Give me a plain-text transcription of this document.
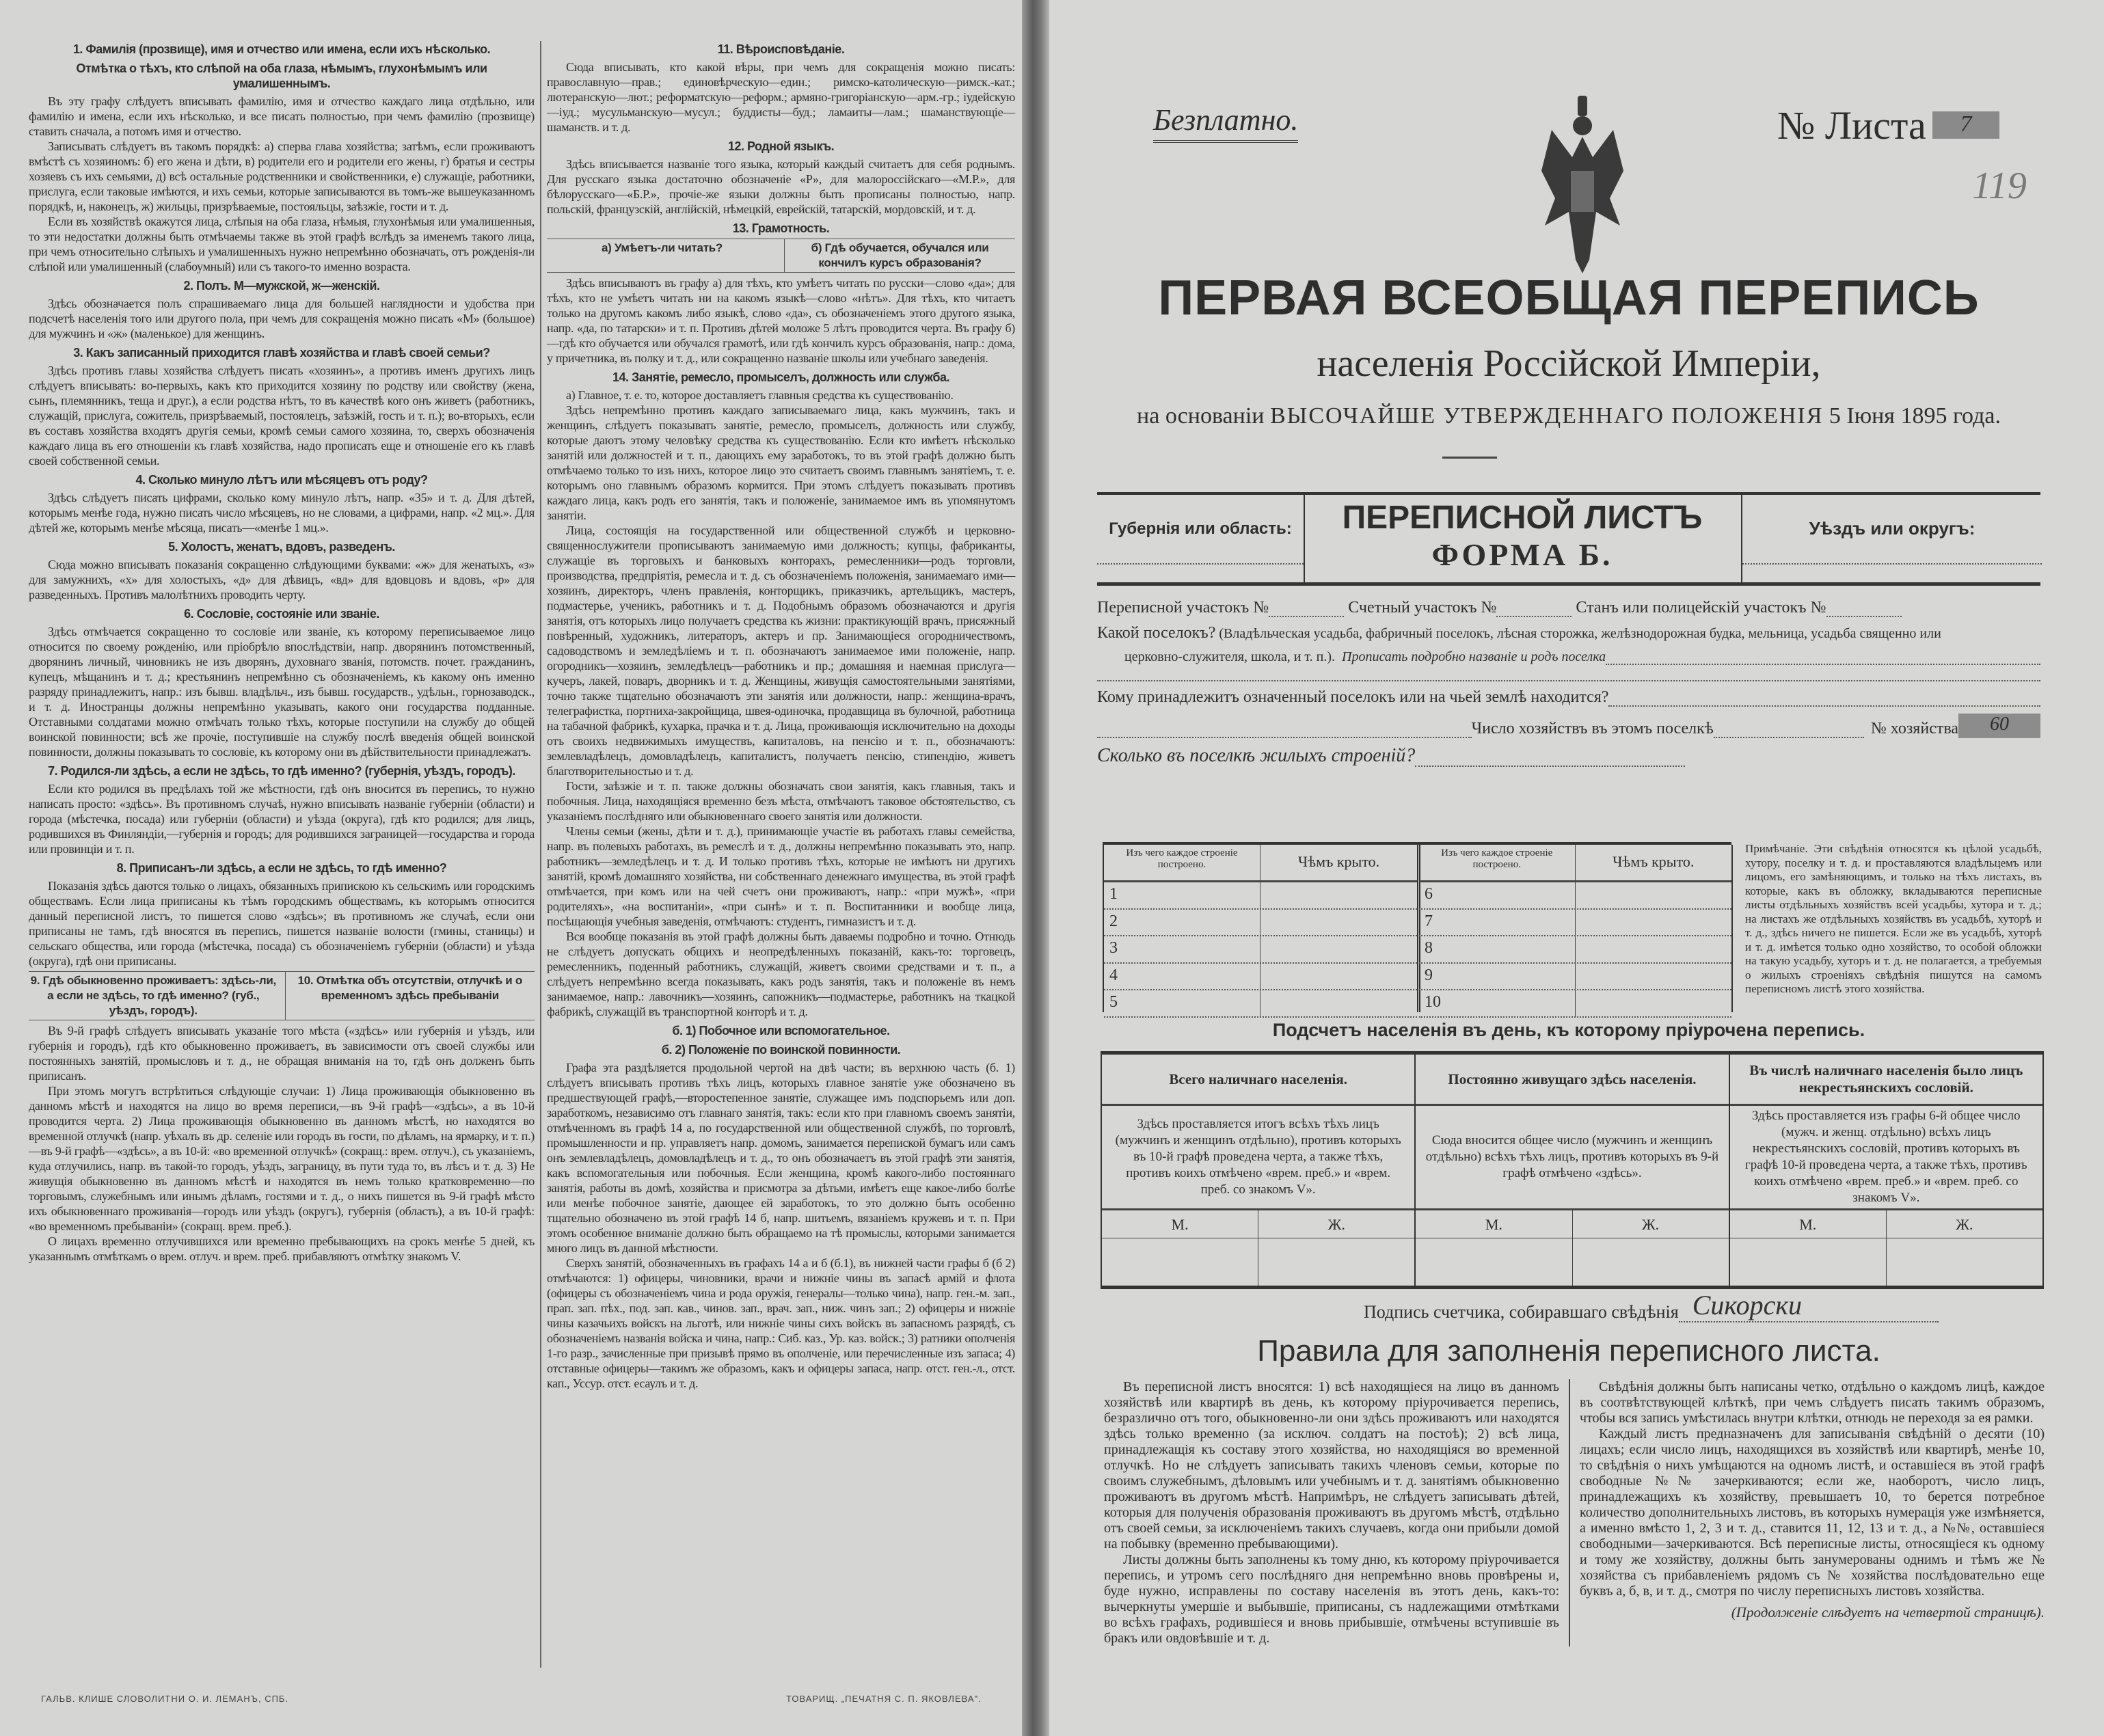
1. Фамилія (прозвище), имя и отчество или имена, если ихъ нѣсколько.
Отмѣтка о тѣхъ, кто слѣпой на оба глаза, нѣмымъ, глухонѣмымъ или умалишеннымъ.
Въ эту графу слѣдуетъ вписывать фамилію, имя и отчество каждаго лица отдѣльно, или фамилію и имена, если ихъ нѣсколько, и все писать полностью, при чемъ фамилію (прозвище) ставить сначала, а потомъ имя и отчество.
Записывать слѣдуетъ въ такомъ порядкѣ: а) сперва глава хозяйства; затѣмъ, если проживаютъ вмѣстѣ съ хозяиномъ: б) его жена и дѣти, в) родители его и родители его жены, г) братья и сестры хозяевъ съ ихъ семьями, д) всѣ остальные родственники и свойственники, е) служащіе, работники, прислуга, если таковые имѣются, и ихъ семьи, которые записываются въ томъ-же вышеуказанномъ порядкѣ, и, наконецъ, ж) жильцы, призрѣваемые, постояльцы, заѣзжіе, гости и т. д.
Если въ хозяйствѣ окажутся лица, слѣпыя на оба глаза, нѣмыя, глухонѣмыя или умалишенныя, то эти недостатки должны быть отмѣчаемы также въ этой графѣ вслѣдъ за именемъ такого лица, при чемъ относительно слѣпыхъ и умалишенныхъ нужно непремѣнно обозначать, отъ рожденія-ли слѣпой или умалишенный (слабоумный) или съ такого-то именно возраста.
2. Полъ. М—мужской, ж—женскій.
Здѣсь обозначается полъ спрашиваемаго лица для большей наглядности и удобства при подсчетѣ населенія того или другого пола, при чемъ для сокращенія можно писать «М» (большое) для мужчинъ и «ж» (маленькое) для женщинъ.
3. Какъ записанный приходится главѣ хозяйства и главѣ своей семьи?
Здѣсь противъ главы хозяйства слѣдуетъ писать «хозяинъ», а противъ именъ другихъ лицъ слѣдуетъ вписывать: во-первыхъ, какъ кто приходится хозяину по родству или свойству (жена, сынъ, племянникъ, теща и друг.), а если родства нѣтъ, то въ качествѣ кого онъ живетъ (работникъ, служащій, прислуга, сожитель, призрѣваемый, постоялецъ, заѣзжій, гость и т. п.); во-вторыхъ, если въ составъ хозяйства входятъ другія семьи, кромѣ семьи самого хозяина, то, сверхъ обозначенія каждаго лица въ его отношеніи къ главѣ хозяйства, надо прописать еще и отношеніе его къ главѣ своей собственной семьи.
4. Сколько минуло лѣтъ или мѣсяцевъ отъ роду?
Здѣсь слѣдуетъ писать цифрами, сколько кому минуло лѣтъ, напр. «35» и т. д. Для дѣтей, которымъ менѣе года, нужно писать число мѣсяцевъ, но не словами, а цифрами, напр. «2 мц.». Для дѣтей же, которымъ менѣе мѣсяца, писать—«менѣе 1 мц.».
5. Холостъ, женатъ, вдовъ, разведенъ.
Сюда можно вписывать показанія сокращенно слѣдующими буквами: «ж» для женатыхъ, «з» для замужнихъ, «х» для холостыхъ, «д» для дѣвицъ, «вд» для вдовцовъ и вдовъ, «р» для разведенныхъ. Противъ малолѣтнихъ проводить черту.
6. Сословіе, состояніе или званіе.
Здѣсь отмѣчается сокращенно то сословіе или званіе, къ которому переписываемое лицо относится по своему рожденію, или пріобрѣло впослѣдствіи, напр. дворянинъ потомственный, дворянинъ личный, чиновникъ не изъ дворянъ, духовнаго званія, потомств. почет. гражданинъ, купецъ, мѣщанинъ и т. д.; крестьянинъ непремѣнно съ обозначеніемъ, къ какому онъ именно разряду принадлежитъ, напр.: изъ бывш. владѣльч., изъ бывш. государств., удѣльн., горнозаводск., и т. д. Иностранцы должны непремѣнно указывать, какого они государства подданные. Отставными солдатами можно отмѣчать только тѣхъ, которые поступили на службу до общей воинской повинности; всѣ же прочіе, поступившіе на службу послѣ введенія общей воинской повинности, должны показывать то сословіе, къ которому они въ дѣйствительности принадлежатъ.
7. Родился-ли здѣсь, а если не здѣсь, то гдѣ именно? (губернія, уѣздъ, городъ).
Если кто родился въ предѣлахъ той же мѣстности, гдѣ онъ вносится въ перепись, то нужно написать просто: «здѣсь». Въ противномъ случаѣ, нужно вписывать названіе губерніи (области) и города (мѣстечка, посада) или губерніи (области) и уѣзда (округа), гдѣ кто родился; для лицъ, родившихся въ Финляндіи,—губернія и городъ; для родившихся заграницей—государства и города или провинціи и т. п.
8. Приписанъ-ли здѣсь, а если не здѣсь, то гдѣ именно?
Показанія здѣсь даются только о лицахъ, обязанныхъ припискою къ сельскимъ или городскимъ обществамъ. Если лица приписаны къ тѣмъ городскимъ обществамъ, къ которымъ относится данный переписной листъ, то пишется слово «здѣсь»; въ противномъ же случаѣ, если они приписаны не тамъ, гдѣ вносятся въ перепись, пишется названіе волости (гмины, станицы) и сельскаго общества, или города (мѣстечка, посада) съ обозначеніемъ губерніи (области) и уѣзда (округа), гдѣ они приписаны.
9. Гдѣ обыкновенно проживаетъ: здѣсь-ли, а если не здѣсь, то гдѣ именно? (губ., уѣздъ, городъ).
10. Отмѣтка объ отсутствіи, отлучкѣ и о временномъ здѣсь пребываніи
Въ 9-й графѣ слѣдуетъ вписывать указаніе того мѣста («здѣсь» или губернія и уѣздъ, или губернія и городъ), гдѣ кто обыкновенно проживаетъ, въ зависимости отъ своей службы или постоянныхъ занятій, промысловъ и т. д., не обращая вниманія на то, гдѣ онъ долженъ быть приписанъ.
При этомъ могутъ встрѣтиться слѣдующіе случаи: 1) Лица проживающія обыкновенно въ данномъ мѣстѣ и находятся на лицо во время переписи,—въ 9-й графѣ—«здѣсь», а въ 10-й проводится черта. 2) Лица проживающія обыкновенно въ данномъ мѣстѣ, но находятся во временной отлучкѣ (напр. уѣхалъ въ др. селеніе или городъ въ гости, по дѣламъ, на ярмарку, и т. п.)—въ 9-й графѣ—«здѣсь», а въ 10-й: «во временной отлучкѣ» (сокращ.: врем. отлуч.), съ указаніемъ, куда отлучились, напр. въ такой-то городъ, уѣздъ, заграницу, въ пути туда то, въ лѣсъ и т. д. 3) Не живущія обыкновенно въ данномъ мѣстѣ и находятся въ немъ только кратковременно—по торговымъ, служебнымъ или инымъ дѣламъ, гостями и т. д., о нихъ пишется въ 9-й графѣ мѣсто ихъ обыкновеннаго проживанія—городъ или уѣздъ (округъ), губернія (область), а въ 10-й графѣ: «во временномъ пребываніи» (сокращ. врем. преб.).
О лицахъ временно отлучившихся или временно пребывающихъ на срокъ менѣе 5 дней, къ указаннымъ отмѣткамъ о врем. отлуч. и врем. преб. прибавляютъ отмѣтку знакомъ V.
11. Вѣроисповѣданіе.
Сюда вписывать, кто какой вѣры, при чемъ для сокращенія можно писать: православную—прав.; единовѣрческую—един.; римско-католическую—римск.-кат.; лютеранскую—лют.; реформатскую—реформ.; армяно-григоріанскую—арм.-гр.; іудейскую—іуд.; мусульманскую—мусул.; буддисты—буд.; ламаиты—лам.; шаманствующіе—шаманств. и т. д.
12. Родной языкъ.
Здѣсь вписывается названіе того языка, который каждый считаетъ для себя роднымъ. Для русскаго языка достаточно обозначеніе «Р», для малороссійскаго—«М.Р.», для бѣлорусскаго—«Б.Р.», прочіе-же языки должны быть прописаны полностью, напр. польскій, французскій, англійскій, нѣмецкій, еврейскій, татарскій, мордовскій, и т. д.
13. Грамотность.
а) Умѣетъ-ли читать?	б) Гдѣ обучается, обучался или кончилъ курсъ образованія?
Здѣсь вписываютъ въ графу а) для тѣхъ, кто умѣетъ читать по русски—слово «да»; для тѣхъ, кто не умѣетъ читать ни на какомъ языкѣ—слово «нѣтъ». Для тѣхъ, кто читаетъ только на другомъ какомъ либо языкѣ, слово «да», съ обозначеніемъ этого другого языка, напр. «да, по татарски» и т. п. Противъ дѣтей моложе 5 лѣтъ проводится черта. Въ графу б)—гдѣ кто обучается или обучался грамотѣ, или гдѣ кончилъ курсъ образованія, напр.: дома, у причетника, въ полку и т. д., или сокращенно названіе школы или учебнаго заведенія.
14. Занятіе, ремесло, промыселъ, должность или служба.
а) Главное, т. е. то, которое доставляетъ главныя средства къ существованію.
Здѣсь непремѣнно противъ каждаго записываемаго лица, какъ мужчинъ, такъ и женщинъ, слѣдуетъ показывать занятіе, ремесло, промыселъ, должность или службу, которые даютъ этому человѣку средства къ существованію. Если кто имѣетъ нѣсколько занятій или должностей и т. п., дающихъ ему заработокъ, то въ этой графѣ должно быть отмѣчаемо только то изъ нихъ, которое лицо это считаетъ своимъ главнымъ занятіемъ, т. е. которымъ оно главнымъ образомъ кормится. При этомъ слѣдуетъ показывать противъ каждаго лица, какъ родъ его занятія, такъ и положеніе, занимаемое имъ въ упомянутомъ занятіи.
Лица, состоящія на государственной или общественной службѣ и церковно-священнослужители прописываютъ занимаемую ими должность; купцы, фабриканты, служащіе въ торговыхъ и банковыхъ конторахъ, ремесленники—родъ торговли, производства, предпріятія, ремесла и т. д. съ обозначеніемъ положенія, занимаемаго ими—хозяинъ, директоръ, членъ правленія, конторщикъ, приказчикъ, артельщикъ, мастеръ, подмастерье, ученикъ, работникъ и т. д. Подобнымъ образомъ обозначаются и другія занятія, отъ которыхъ лицо получаетъ средства къ жизни: практикующій врачъ, присяжный повѣренный, художникъ, литераторъ, актеръ и пр. Занимающіеся огородничествомъ, садоводствомъ и земледѣліемъ и т. п. обозначаютъ занимаемое ими положеніе, напр. огородникъ—хозяинъ, земледѣлецъ—работникъ и пр.; домашняя и наемная прислуга—кучеръ, лакей, поваръ, дворникъ и т. д. Женщины, живущія самостоятельными занятіями, точно также тщательно обозначаютъ эти занятія или должности, напр.: женщина-врачъ, телеграфистка, портниха-закройщица, швея-одиночка, продавщица въ булочной, работница на табачной фабрикѣ, кухарка, прачка и т. д. Лица, проживающія исключительно на доходы отъ своихъ недвижимыхъ имуществъ, капиталовъ, на пенсію и т. п., обозначаютъ: землевладѣлецъ, домовладѣлецъ, капиталистъ, получаетъ пенсію, стипендію, живетъ благотворительностью и т. д.
Гости, заѣзжіе и т. п. также должны обозначать свои занятія, какъ главныя, такъ и побочныя. Лица, находящіяся временно безъ мѣста, отмѣчаютъ таковое обстоятельство, съ указаніемъ послѣдняго или обыкновеннаго своего занятія или должности.
Члены семьи (жены, дѣти и т. д.), принимающіе участіе въ работахъ главы семейства, напр. въ полевыхъ работахъ, въ ремеслѣ и т. д., должны непремѣнно показывать это, напр. работникъ—земледѣлецъ и т. д. И только противъ тѣхъ, которые не имѣютъ ни другихъ занятій, кромѣ домашняго хозяйства, ни собственнаго денежнаго имущества, въ этой графѣ отмѣчается, при комъ или на чей счетъ они проживаютъ, напр.: «при мужѣ», «при родителяхъ», «на воспитаніи», «при сынѣ» и т. п. Воспитанники и вообще лица, посѣщающія учебныя заведенія, отмѣчаютъ: студентъ, гимназистъ и т. д.
Вся вообще показанія въ этой графѣ должны быть даваемы подробно и точно. Отнюдь не слѣдуетъ допускать общихъ и неопредѣленныхъ показаній, какъ-то: торговецъ, ремесленникъ, поденный работникъ, служащій, живетъ своими средствами и т. п., а слѣдуетъ непремѣнно всегда показывать, какъ родъ занятія, такъ и положеніе въ немъ занимаемое, напр.: лавочникъ—хозяинъ, сапожникъ—подмастерье, работникъ на ткацкой фабрикѣ, служащій въ транспортной конторѣ и т. д.
б. 1) Побочное или вспомогательное.
б. 2) Положеніе по воинской повинности.
Графа эта раздѣляется продольной чертой на двѣ части; въ верхнюю часть (б. 1) слѣдуетъ вписывать противъ тѣхъ лицъ, которыхъ главное занятіе уже обозначено въ предшествующей графѣ,—второстепенное занятіе, служащее имъ подспорьемъ или доп. заработкомъ, независимо отъ главнаго занятія, такъ: если кто при главномъ своемъ занятіи, отмѣченномъ въ графѣ 14 а, по государственной или общественной службѣ, по торговлѣ, промышленности и пр. управляетъ напр. домомъ, занимается перепиской бумагъ или самъ онъ землевладѣлецъ, домовладѣлецъ и т. д., то онъ обозначаетъ въ этой графѣ эти занятія, какъ вспомогательныя или побочныя. Если женщина, кромѣ какого-либо постояннаго занятія, работы въ домѣ, хозяйства и присмотра за дѣтьми, имѣетъ еще какое-либо болѣе или менѣе побочное занятіе, дающее ей заработокъ, то это должно быть особенно тщательно обозначено въ этой графѣ 14 б, напр. шитьемъ, вязаніемъ кружевъ и т. п. При этомъ особенное вниманіе должно быть обращаемо на тѣ промыслы, которыми занимается много лицъ въ данной мѣстности.
Сверхъ занятій, обозначенныхъ въ графахъ 14 а и б (б.1), въ нижней части графы б (б 2) отмѣчаются: 1) офицеры, чиновники, врачи и нижніе чины въ запасѣ армій и флота (офицеры съ обозначеніемъ чина и рода оружія, генералы—только чина), напр. ген.-м. зап., прап. зап. пѣх., под. зап. кав., чинов. зап., врач. зап., ниж. чинъ зап.; 2) офицеры и нижніе чины казачьихъ войскъ на льготѣ, или нижніе чины сихъ войскъ въ запасномъ разрядѣ, съ обозначеніемъ названія войска и чина, напр.: Сиб. каз., Ур. каз. войск.; 3) ратники ополченія 1-го разр., зачисленные при призывѣ прямо въ ополченіе, или перечисленные изъ запаса; 4) отставные офицеры—такимъ же образомъ, какъ и офицеры запаса, напр. отст. ген.-л., отст. кап., Уссур. отст. есаулъ и т. д.
ГАЛЬВ. КЛИШЕ СЛОВОЛИТНИ О. И. ЛЕМАНЪ, СПБ.	ТОВАРИЩ. „ПЕЧАТНЯ С. П. ЯКОВЛЕВА".
Безплатно.	№ Листа	7
119
ПЕРВАЯ ВСЕОБЩАЯ ПЕРЕПИСЬ
населенія Россійской Имперіи,
на основаніи ВЫСОЧАЙШЕ УТВЕРЖДЕННАГО ПОЛОЖЕНІЯ 5 Іюня 1895 года.
Губернія или область:	ПЕРЕПИСНОЙ ЛИСТЪ
ФОРМА Б.
Уѣздъ или округъ:
Переписной участокъ №	Счетный участокъ №	Станъ или полицейскій участокъ №
Какой поселокъ? (Владѣльческая усадьба, фабричный поселокъ, лѣсная сторожка, желѣзнодорожная будка, мельница, усадьба священно или
церковно-служителя, школа, и т. п.).
Прописать подробно названіе и родъ поселка
Кому принадлежитъ означенный поселокъ или на чьей землѣ находится?
Число хозяйствъ въ этомъ поселкѣ	№ хозяйства	60
Сколько въ поселкѣ жилыхъ строеній?
Изъ чего каждое строеніе построено.	Чѣмъ крыто.
1
2
3
4
5
Изъ чего каждое строеніе построено.	Чѣмъ крыто.
6
7
8
9
10
Примѣчаніе. Эти свѣдѣнія относятся къ цѣлой усадьбѣ, хутору, поселку и т. д. и проставляются владѣльцемъ или лицомъ, его замѣняющимъ, и только на тѣхъ листахъ, въ которые, какъ въ обложку, вкладываются переписные листы отдѣльныхъ хозяйствъ всей усадьбы, хутора и т. д.; на листахъ же отдѣльныхъ хозяйствъ въ усадьбѣ, хуторѣ и т. д., здѣсь ничего не пишется. Если же въ усадьбѣ, хуторѣ и т. д. имѣется только одно хозяйство, то особой обложки на такую усадьбу, хуторъ и т. д. не полагается, а требуемыя о жилыхъ строеніяхъ свѣдѣнія пишутся на самомъ переписномъ листѣ этого хозяйства.
Подсчетъ населенія въ день, къ которому пріурочена перепись.
Всего наличнаго населенія.
Здѣсь проставляется итогъ всѣхъ тѣхъ лицъ (мужчинъ и женщинъ отдѣльно), противъ которыхъ въ 10-й графѣ проведена черта, а также тѣхъ, противъ коихъ отмѣчено «врем. преб.» и «врем. преб. со знакомъ V».
М.	Ж.
Постоянно живущаго здѣсь населенія.
Сюда вносится общее число (мужчинъ и женщинъ отдѣльно) всѣхъ тѣхъ лицъ, противъ которыхъ въ 9-й графѣ отмѣчено «здѣсь».
М.	Ж.
Въ числѣ наличнаго населенія было лицъ некрестьянскихъ сословій.
Здѣсь проставляется изъ графы 6-й общее число (мужч. и женщ. отдѣльно) всѣхъ лицъ некрестьянскихъ сословій, противъ которыхъ въ графѣ 10-й проведена черта, а также тѣхъ, противъ коихъ отмѣчено «врем. преб.» и «врем. преб. со знакомъ V».
М.	Ж.
Подпись счетчика, собиравшаго свѣдѣнія Сикорски
Правила для заполненія переписного листа.

Въ переписной листъ вносятся: 1) всѣ находящіеся на лицо въ данномъ хозяйствѣ или квартирѣ въ день, къ которому пріурочивается перепись, безразлично отъ того, обыкновенно-ли они здѣсь проживаютъ или находятся здѣсь только временно (за исключ. солдатъ на постоѣ); 2) всѣ лица, принадлежащія къ составу этого хозяйства, но находящіяся во временной отлучкѣ. Но не слѣдуетъ записывать такихъ членовъ семьи, которые по своимъ служебнымъ, дѣловымъ или учебнымъ и т. д. занятіямъ обыкновенно проживаютъ въ другомъ мѣстѣ. Напримѣръ, не слѣдуетъ записывать дѣтей, которыя для полученія образованія проживаютъ въ другомъ мѣстѣ, отдѣльно отъ своей семьи, за исключеніемъ такихъ случаевъ, когда они прибыли домой на побывку (временно пребывающими).

Листы должны быть заполнены къ тому дню, къ которому пріурочивается перепись, и утромъ сего послѣдняго дня непремѣнно вновь провѣрены и, буде нужно, исправлены по составу населенія въ этотъ день, какъ-то: вычеркнуты умершіе и выбывшіе, приписаны, съ надлежащими отмѣтками во всѣхъ графахъ, родившіеся и вновь прибывшіе, отмѣчены вступившіе въ бракъ или овдовѣвшіе и т. д.

Свѣдѣнія должны быть написаны четко, отдѣльно о каждомъ лицѣ, каждое въ соотвѣтствующей клѣткѣ, при чемъ слѣдуетъ писать такимъ образомъ, чтобы вся запись умѣстилась внутри клѣтки, отнюдь не переходя за ея рамки.

Каждый листъ предназначенъ для записыванія свѣдѣній о десяти (10) лицахъ; если число лицъ, находящихся въ хозяйствѣ или квартирѣ, менѣе 10, то свѣдѣнія о нихъ умѣщаются на одномъ листѣ, и оставшіеся въ этой графѣ свободные №№ зачеркиваются; если же, наоборотъ, число лицъ, принадлежащихъ къ хозяйству, превышаетъ 10, то берется потребное количество дополнительныхъ листовъ, въ которыхъ нумерація уже измѣняется, а именно вмѣсто 1, 2, 3 и т. д., ставится 11, 12, 13 и т. д., а №№, оставшіеся свободными—зачеркиваются. Всѣ переписные листы, относящіеся къ одному и тому же хозяйству, должны быть занумерованы однимъ и тѣмъ же № хозяйства съ прибавленіемъ рядомъ съ № хозяйства послѣдовательно еще буквъ а, б, в, и т. д., смотря по числу переписныхъ листовъ хозяйства.

(Продолженіе слѣдуетъ на четвертой страницѣ).
